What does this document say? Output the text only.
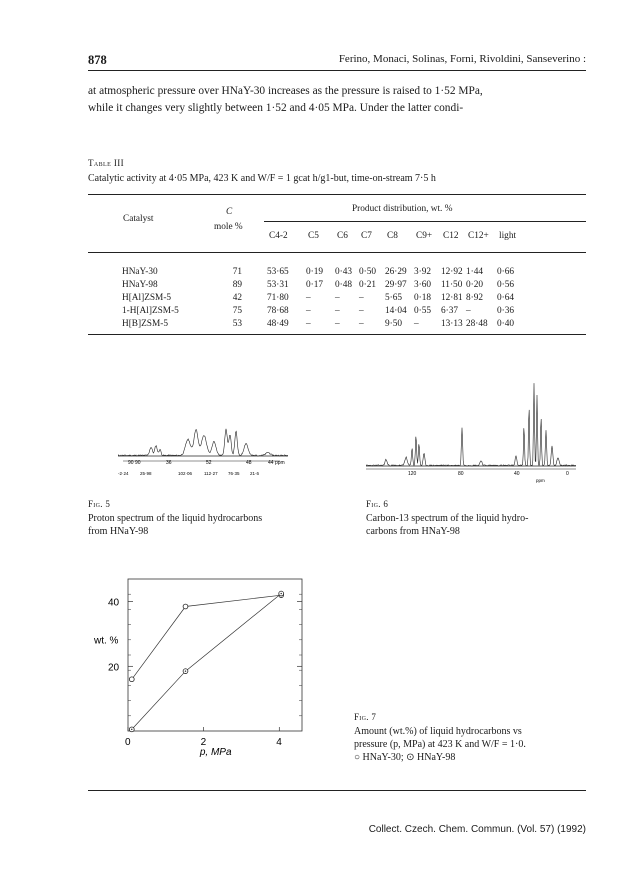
878	Ferino, Monaci, Solinas, Forni, Rivoldini, Sanseverino :
at atmospheric pressure over HNaY-30 increases as the pressure is raised to 1·52 MPa,
while it changes very slightly between 1·52 and 4·05 MPa. Under the latter condi-
Table III
Catalytic activity at 4·05 MPa, 423 K and W/F = 1 gcat h/g1-but, time-on-stream 7·5 h
Catalyst
C
mole %
Product distribution, wt. %
C4-2 C5 C6 C7 C8 C9+ C12 C12+ light
HNaY-30	71	53·65 0·19 0·43 0·50 26·29 3·92 12·92 1·44 0·66
HNaY-98	89	53·31 0·17 0·48 0·21 29·97 3·60 11·50 0·20 0·56
H[Al]ZSM-5	42	71·80 –	– – 5·65 0·18 12·81 8·92 0·64
1-H[Al]ZSM-5	75	78·68 –	– – 14·04 0·55 6·37 –	0·36
H[B]ZSM-5	53	48·49 –	– – 9·50 – 13·13 28·48 0·40
90 90	36	52	48	44 ppm
-2·24	25·98	102·06	112·27 76·35 21·6
Fig. 5
Proton spectrum of the liquid hydrocarbons
from HNaY-98
120	80	40	0
ppm
Fig. 6
Carbon-13 spectrum of the liquid hydro-
carbons from HNaY-98
0	2	4
20
40
wt. %
p, MPa
Fig. 7
Amount (wt.%) of liquid hydrocarbons vs
pressure (p, MPa) at 423 K and W/F = 1·0.
○ HNaY-30; ⊙ HNaY-98
Collect. Czech. Chem. Commun. (Vol. 57) (1992)
